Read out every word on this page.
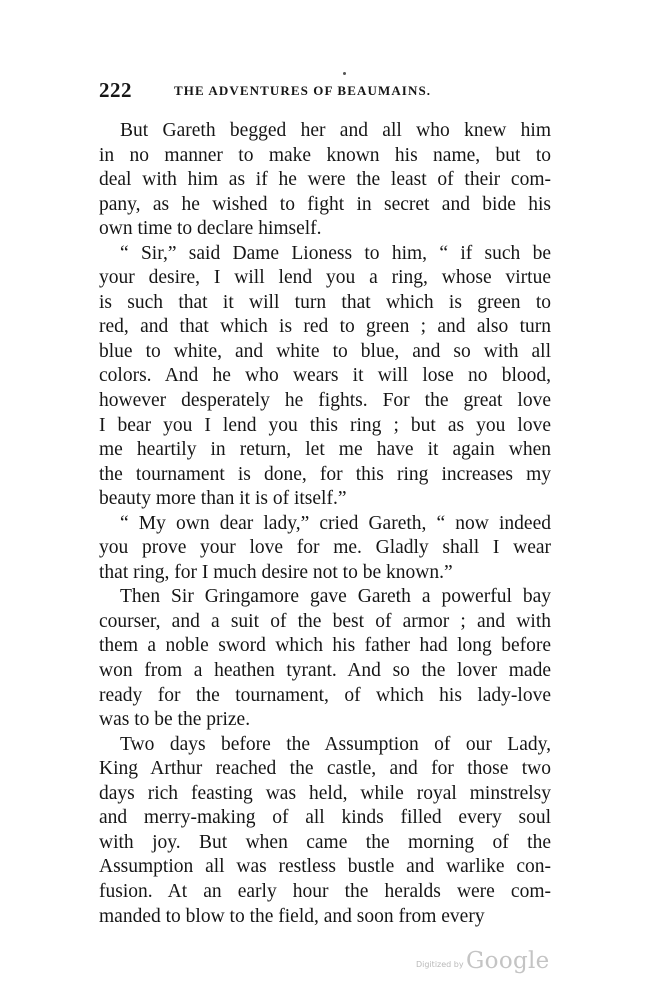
222	THE ADVENTURES OF BEAUMAINS.
But Gareth begged her and all who knew him
in no manner to make known his name, but to
deal with him as if he were the least of their com-
pany, as he wished to fight in secret and bide his
own time to declare himself.
“ Sir,” said Dame Lioness to him, “ if such be
your desire, I will lend you a ring, whose virtue
is such that it will turn that which is green to
red, and that which is red to green ; and also turn
blue to white, and white to blue, and so with all
colors. And he who wears it will lose no blood,
however desperately he fights. For the great love
I bear you I lend you this ring ; but as you love
me heartily in return, let me have it again when
the tournament is done, for this ring increases my
beauty more than it is of itself.”
“ My own dear lady,” cried Gareth, “ now indeed
you prove your love for me. Gladly shall I wear
that ring, for I much desire not to be known.”
Then Sir Gringamore gave Gareth a powerful bay
courser, and a suit of the best of armor ; and with
them a noble sword which his father had long before
won from a heathen tyrant. And so the lover made
ready for the tournament, of which his lady-love
was to be the prize.
Two days before the Assumption of our Lady,
King Arthur reached the castle, and for those two
days rich feasting was held, while royal minstrelsy
and merry-making of all kinds filled every soul
with joy. But when came the morning of the
Assumption all was restless bustle and warlike con-
fusion. At an early hour the heralds were com-
manded to blow to the field, and soon from every
Digitized by Google
